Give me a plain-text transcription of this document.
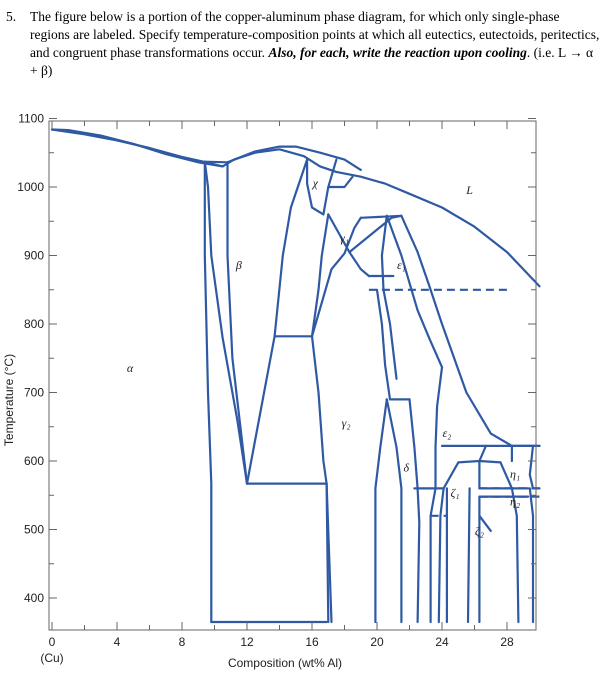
5. The figure below is a portion of the copper-aluminum phase diagram, for which only single-phase regions are labeled. Specify temperature-composition points at which all eutectics, eutectoids, peritectics, and congruent phase transformations occur. Also, for each, write the reaction upon cooling. (i.e. L → α + β)
0	4	8	12	16	20	24	28
400
500
600
700
800
900
1000
1100
α
β
χ
γ₁
γ₂
ε₁
ε₂
δ
ζ₁
ζ₂
η₁
η₂
L
Temperature (°C)
Composition (wt% Al)
(Cu)
